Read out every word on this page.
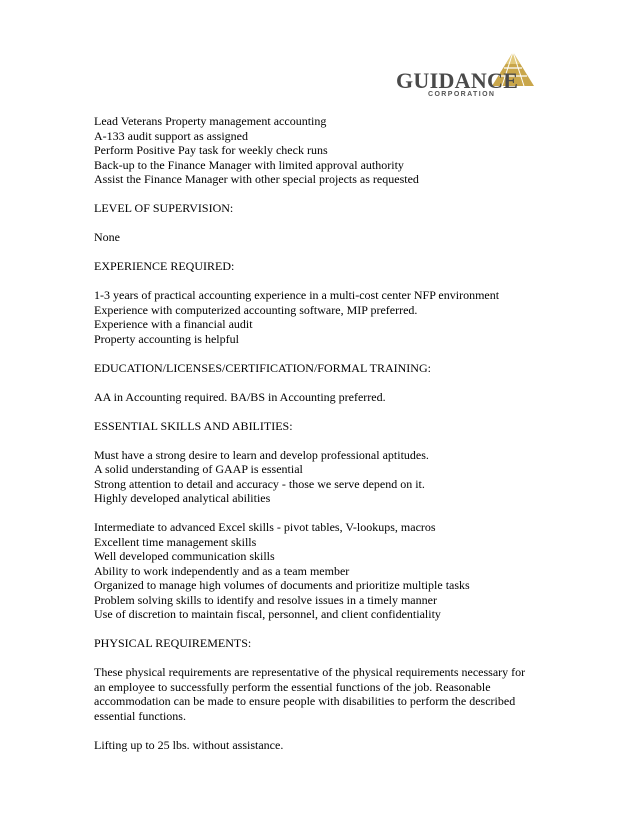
GUIDANCE
CORPORATION
Lead Veterans Property management accounting
A-133 audit support as assigned
Perform Positive Pay task for weekly check runs
Back-up to the Finance Manager with limited approval authority
Assist the Finance Manager with other special projects as requested
LEVEL OF SUPERVISION:
None
EXPERIENCE REQUIRED:
1-3 years of practical accounting experience in a multi-cost center NFP environment
Experience with computerized accounting software, MIP preferred.
Experience with a financial audit
Property accounting is helpful
EDUCATION/LICENSES/CERTIFICATION/FORMAL TRAINING:
AA in Accounting required. BA/BS in Accounting preferred.
ESSENTIAL SKILLS AND ABILITIES:
Must have a strong desire to learn and develop professional aptitudes.
A solid understanding of GAAP is essential
Strong attention to detail and accuracy - those we serve depend on it.
Highly developed analytical abilities
Intermediate to advanced Excel skills - pivot tables, V-lookups, macros
Excellent time management skills
Well developed communication skills
Ability to work independently and as a team member
Organized to manage high volumes of documents and prioritize multiple tasks
Problem solving skills to identify and resolve issues in a timely manner
Use of discretion to maintain fiscal, personnel, and client confidentiality
PHYSICAL REQUIREMENTS:
These physical requirements are representative of the physical requirements necessary for
an employee to successfully perform the essential functions of the job. Reasonable
accommodation can be made to ensure people with disabilities to perform the described
essential functions.
Lifting up to 25 lbs. without assistance.
